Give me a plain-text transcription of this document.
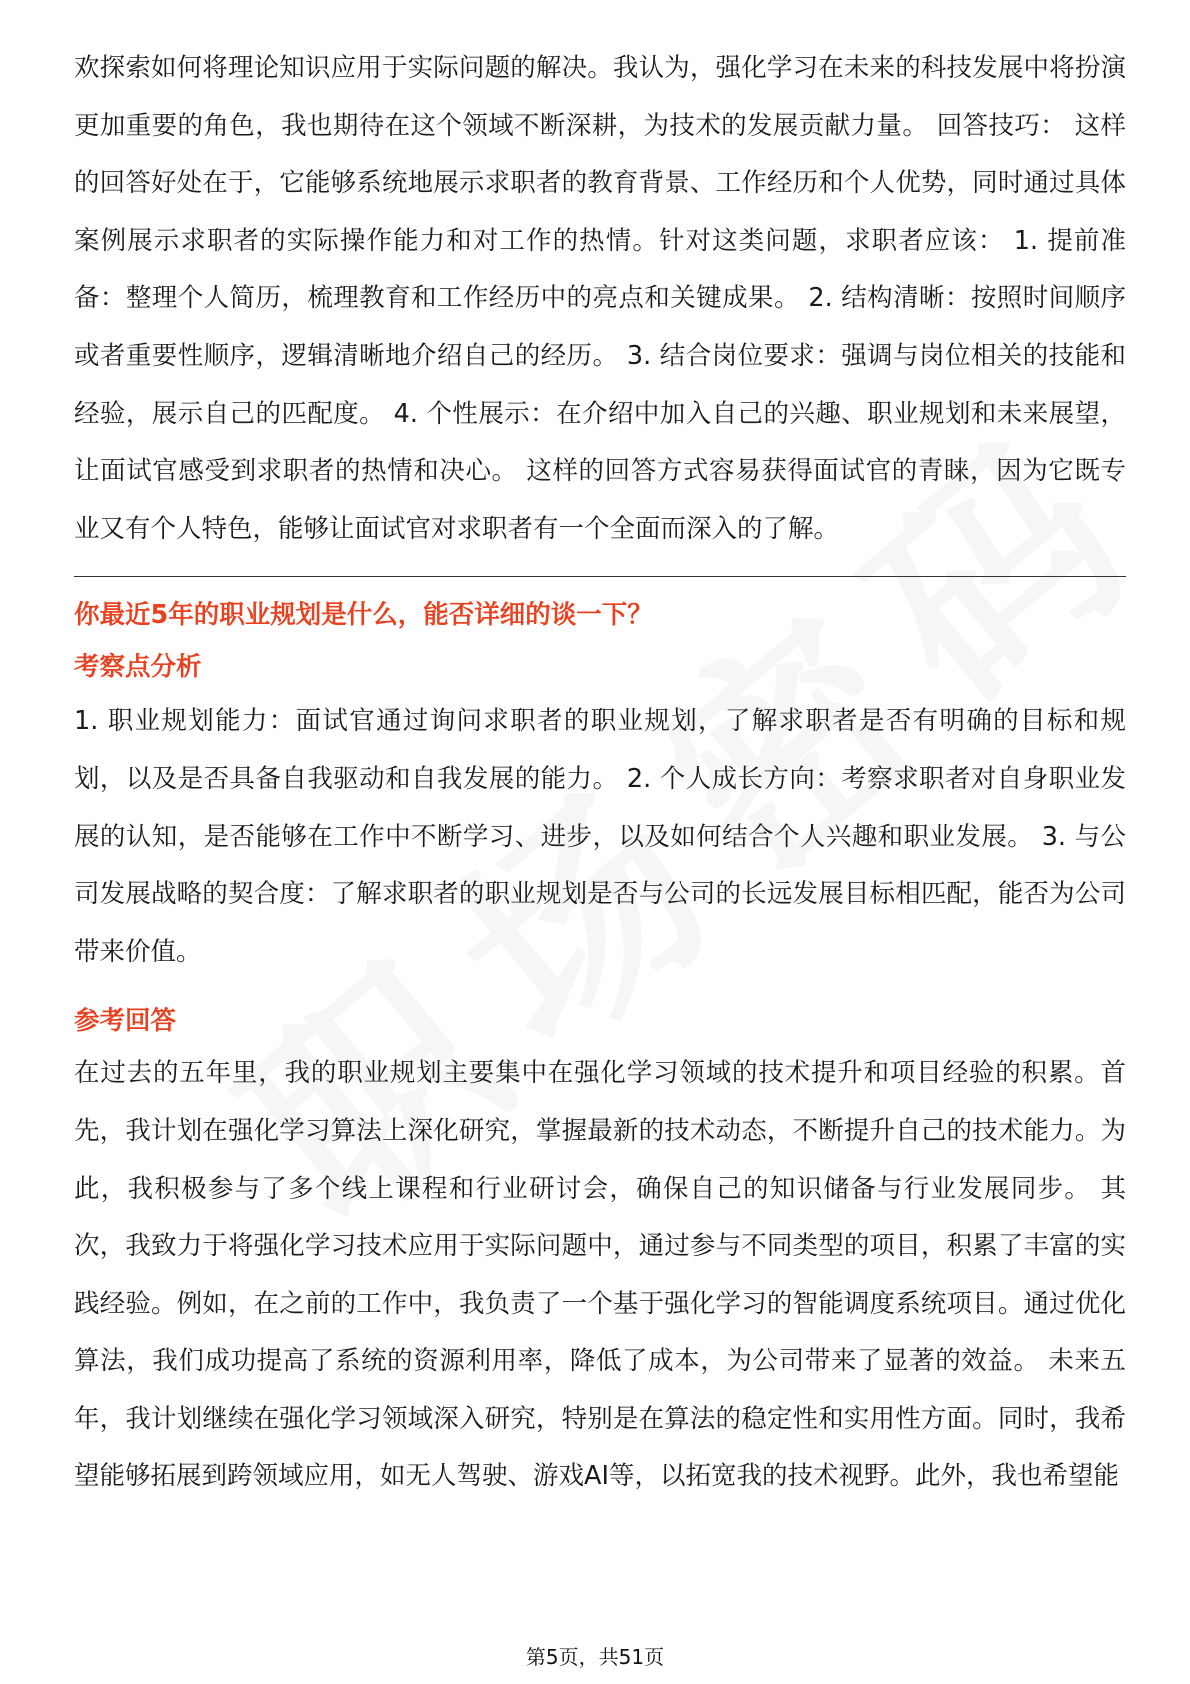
欢探索如何将理论知识应用于实际问题的解决。我认为，强化学习在未来的科技发展中将扮演更加重要的角色，我也期待在这个领域不断深耕，为技术的发展贡献力量。 回答技巧： 这样的回答好处在于，它能够系统地展示求职者的教育背景、工作经历和个人优势，同时通过具体案例展示求职者的实际操作能力和对工作的热情。针对这类问题，求职者应该： 1. 提前准备：整理个人简历，梳理教育和工作经历中的亮点和关键成果。 2. 结构清晰：按照时间顺序或者重要性顺序，逻辑清晰地介绍自己的经历。 3. 结合岗位要求：强调与岗位相关的技能和经验，展示自己的匹配度。 4. 个性展示：在介绍中加入自己的兴趣、职业规划和未来展望，让面试官感受到求职者的热情和决心。 这样的回答方式容易获得面试官的青睐，因为它既专业又有个人特色，能够让面试官对求职者有一个全面而深入的了解。

你最近5年的职业规划是什么，能否详细的谈一下？
考察点分析

1. 职业规划能力：面试官通过询问求职者的职业规划，了解求职者是否有明确的目标和规划，以及是否具备自我驱动和自我发展的能力。 2. 个人成长方向：考察求职者对自身职业发展的认知，是否能够在工作中不断学习、进步，以及如何结合个人兴趣和职业发展。 3. 与公司发展战略的契合度：了解求职者的职业规划是否与公司的长远发展目标相匹配，能否为公司带来价值。

参考回答

在过去的五年里，我的职业规划主要集中在强化学习领域的技术提升和项目经验的积累。首先，我计划在强化学习算法上深化研究，掌握最新的技术动态，不断提升自己的技术能力。为此，我积极参与了多个线上课程和行业研讨会，确保自己的知识储备与行业发展同步。 其次，我致力于将强化学习技术应用于实际问题中，通过参与不同类型的项目，积累了丰富的实践经验。例如，在之前的工作中，我负责了一个基于强化学习的智能调度系统项目。通过优化算法，我们成功提高了系统的资源利用率，降低了成本，为公司带来了显著的效益。 未来五年，我计划继续在强化学习领域深入研究，特别是在算法的稳定性和实用性方面。同时，我希望能够拓展到跨领域应用，如无人驾驶、游戏AI等，以拓宽我的技术视野。此外，我也希望能

第5页，共51页
